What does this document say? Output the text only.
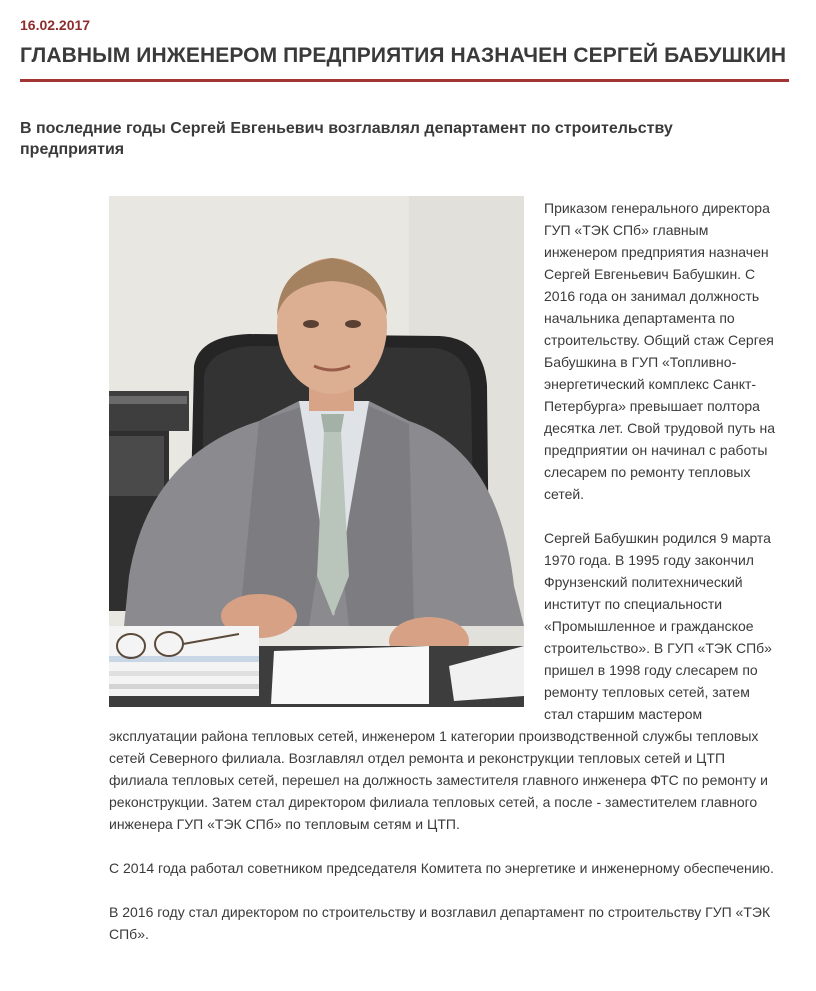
16.02.2017
ГЛАВНЫМ ИНЖЕНЕРОМ ПРЕДПРИЯТИЯ НАЗНАЧЕН СЕРГЕЙ БАБУШКИН

В последние годы Сергей Евгеньевич возглавлял департамент по строительству предприятия

Приказом генерального директора ГУП «ТЭК СПб» главным инженером предприятия назначен Сергей Евгеньевич Бабушкин. С 2016 года он занимал должность начальника департамента по строительству. Общий стаж Сергея Бабушкина в ГУП «Топливно-энергетический комплекс Санкт-Петербурга» превышает полтора десятка лет. Свой трудовой путь на предприятии он начинал с работы слесарем по ремонту тепловых сетей.

Сергей Бабушкин родился 9 марта 1970 года. В 1995 году закончил Фрунзенский политехнический институт по специальности «Промышленное и гражданское строительство». В ГУП «ТЭК СПб» пришел в 1998 году слесарем по ремонту тепловых сетей, затем стал старшим мастером эксплуатации района тепловых сетей, инженером 1 категории производственной службы тепловых сетей Северного филиала. Возглавлял отдел ремонта и реконструкции тепловых сетей и ЦТП филиала тепловых сетей, перешел на должность заместителя главного инженера ФТС по ремонту и реконструкции. Затем стал директором филиала тепловых сетей, а после - заместителем главного инженера ГУП «ТЭК СПб» по тепловым сетям и ЦТП.

С 2014 года работал советником председателя Комитета по энергетике и инженерному обеспечению.

В 2016 году стал директором по строительству и возглавил департамент по строительству ГУП «ТЭК СПб».
